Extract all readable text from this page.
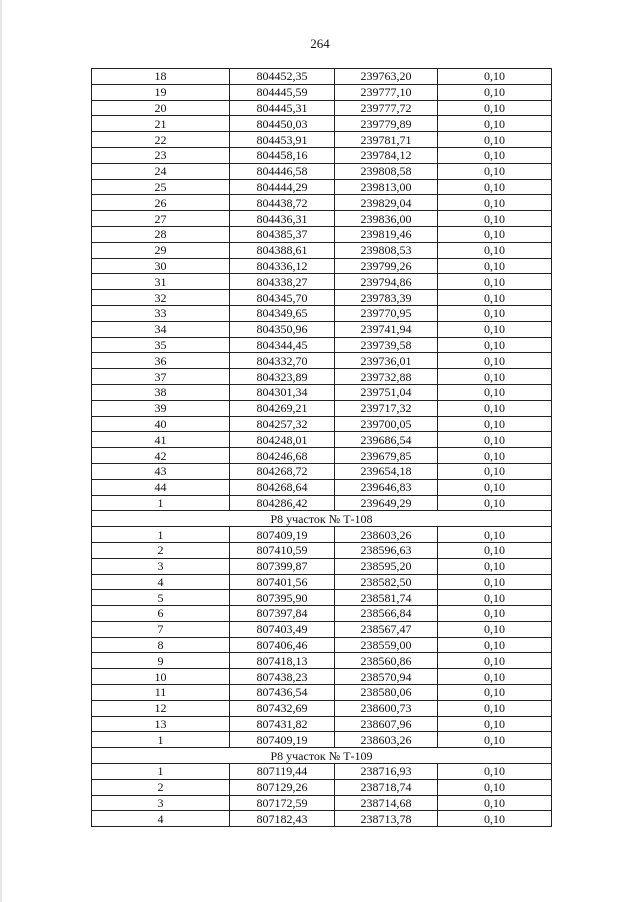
264
18	804452,35	239763,20	0,10
19	804445,59	239777,10	0,10
20	804445,31	239777,72	0,10
21	804450,03	239779,89	0,10
22	804453,91	239781,71	0,10
23	804458,16	239784,12	0,10
24	804446,58	239808,58	0,10
25	804444,29	239813,00	0,10
26	804438,72	239829,04	0,10
27	804436,31	239836,00	0,10
28	804385,37	239819,46	0,10
29	804388,61	239808,53	0,10
30	804336,12	239799,26	0,10
31	804338,27	239794,86	0,10
32	804345,70	239783,39	0,10
33	804349,65	239770,95	0,10
34	804350,96	239741,94	0,10
35	804344,45	239739,58	0,10
36	804332,70	239736,01	0,10
37	804323,89	239732,88	0,10
38	804301,34	239751,04	0,10
39	804269,21	239717,32	0,10
40	804257,32	239700,05	0,10
41	804248,01	239686,54	0,10
42	804246,68	239679,85	0,10
43	804268,72	239654,18	0,10
44	804268,64	239646,83	0,10
1	804286,42	239649,29	0,10
Р8 участок № Т-108			
1	807409,19	238603,26	0,10
2	807410,59	238596,63	0,10
3	807399,87	238595,20	0,10
4	807401,56	238582,50	0,10
5	807395,90	238581,74	0,10
6	807397,84	238566,84	0,10
7	807403,49	238567,47	0,10
8	807406,46	238559,00	0,10
9	807418,13	238560,86	0,10
10	807438,23	238570,94	0,10
11	807436,54	238580,06	0,10
12	807432,69	238600,73	0,10
13	807431,82	238607,96	0,10
1	807409,19	238603,26	0,10
Р8 участок № Т-109			
1	807119,44	238716,93	0,10
2	807129,26	238718,74	0,10
3	807172,59	238714,68	0,10
4	807182,43	238713,78	0,10
